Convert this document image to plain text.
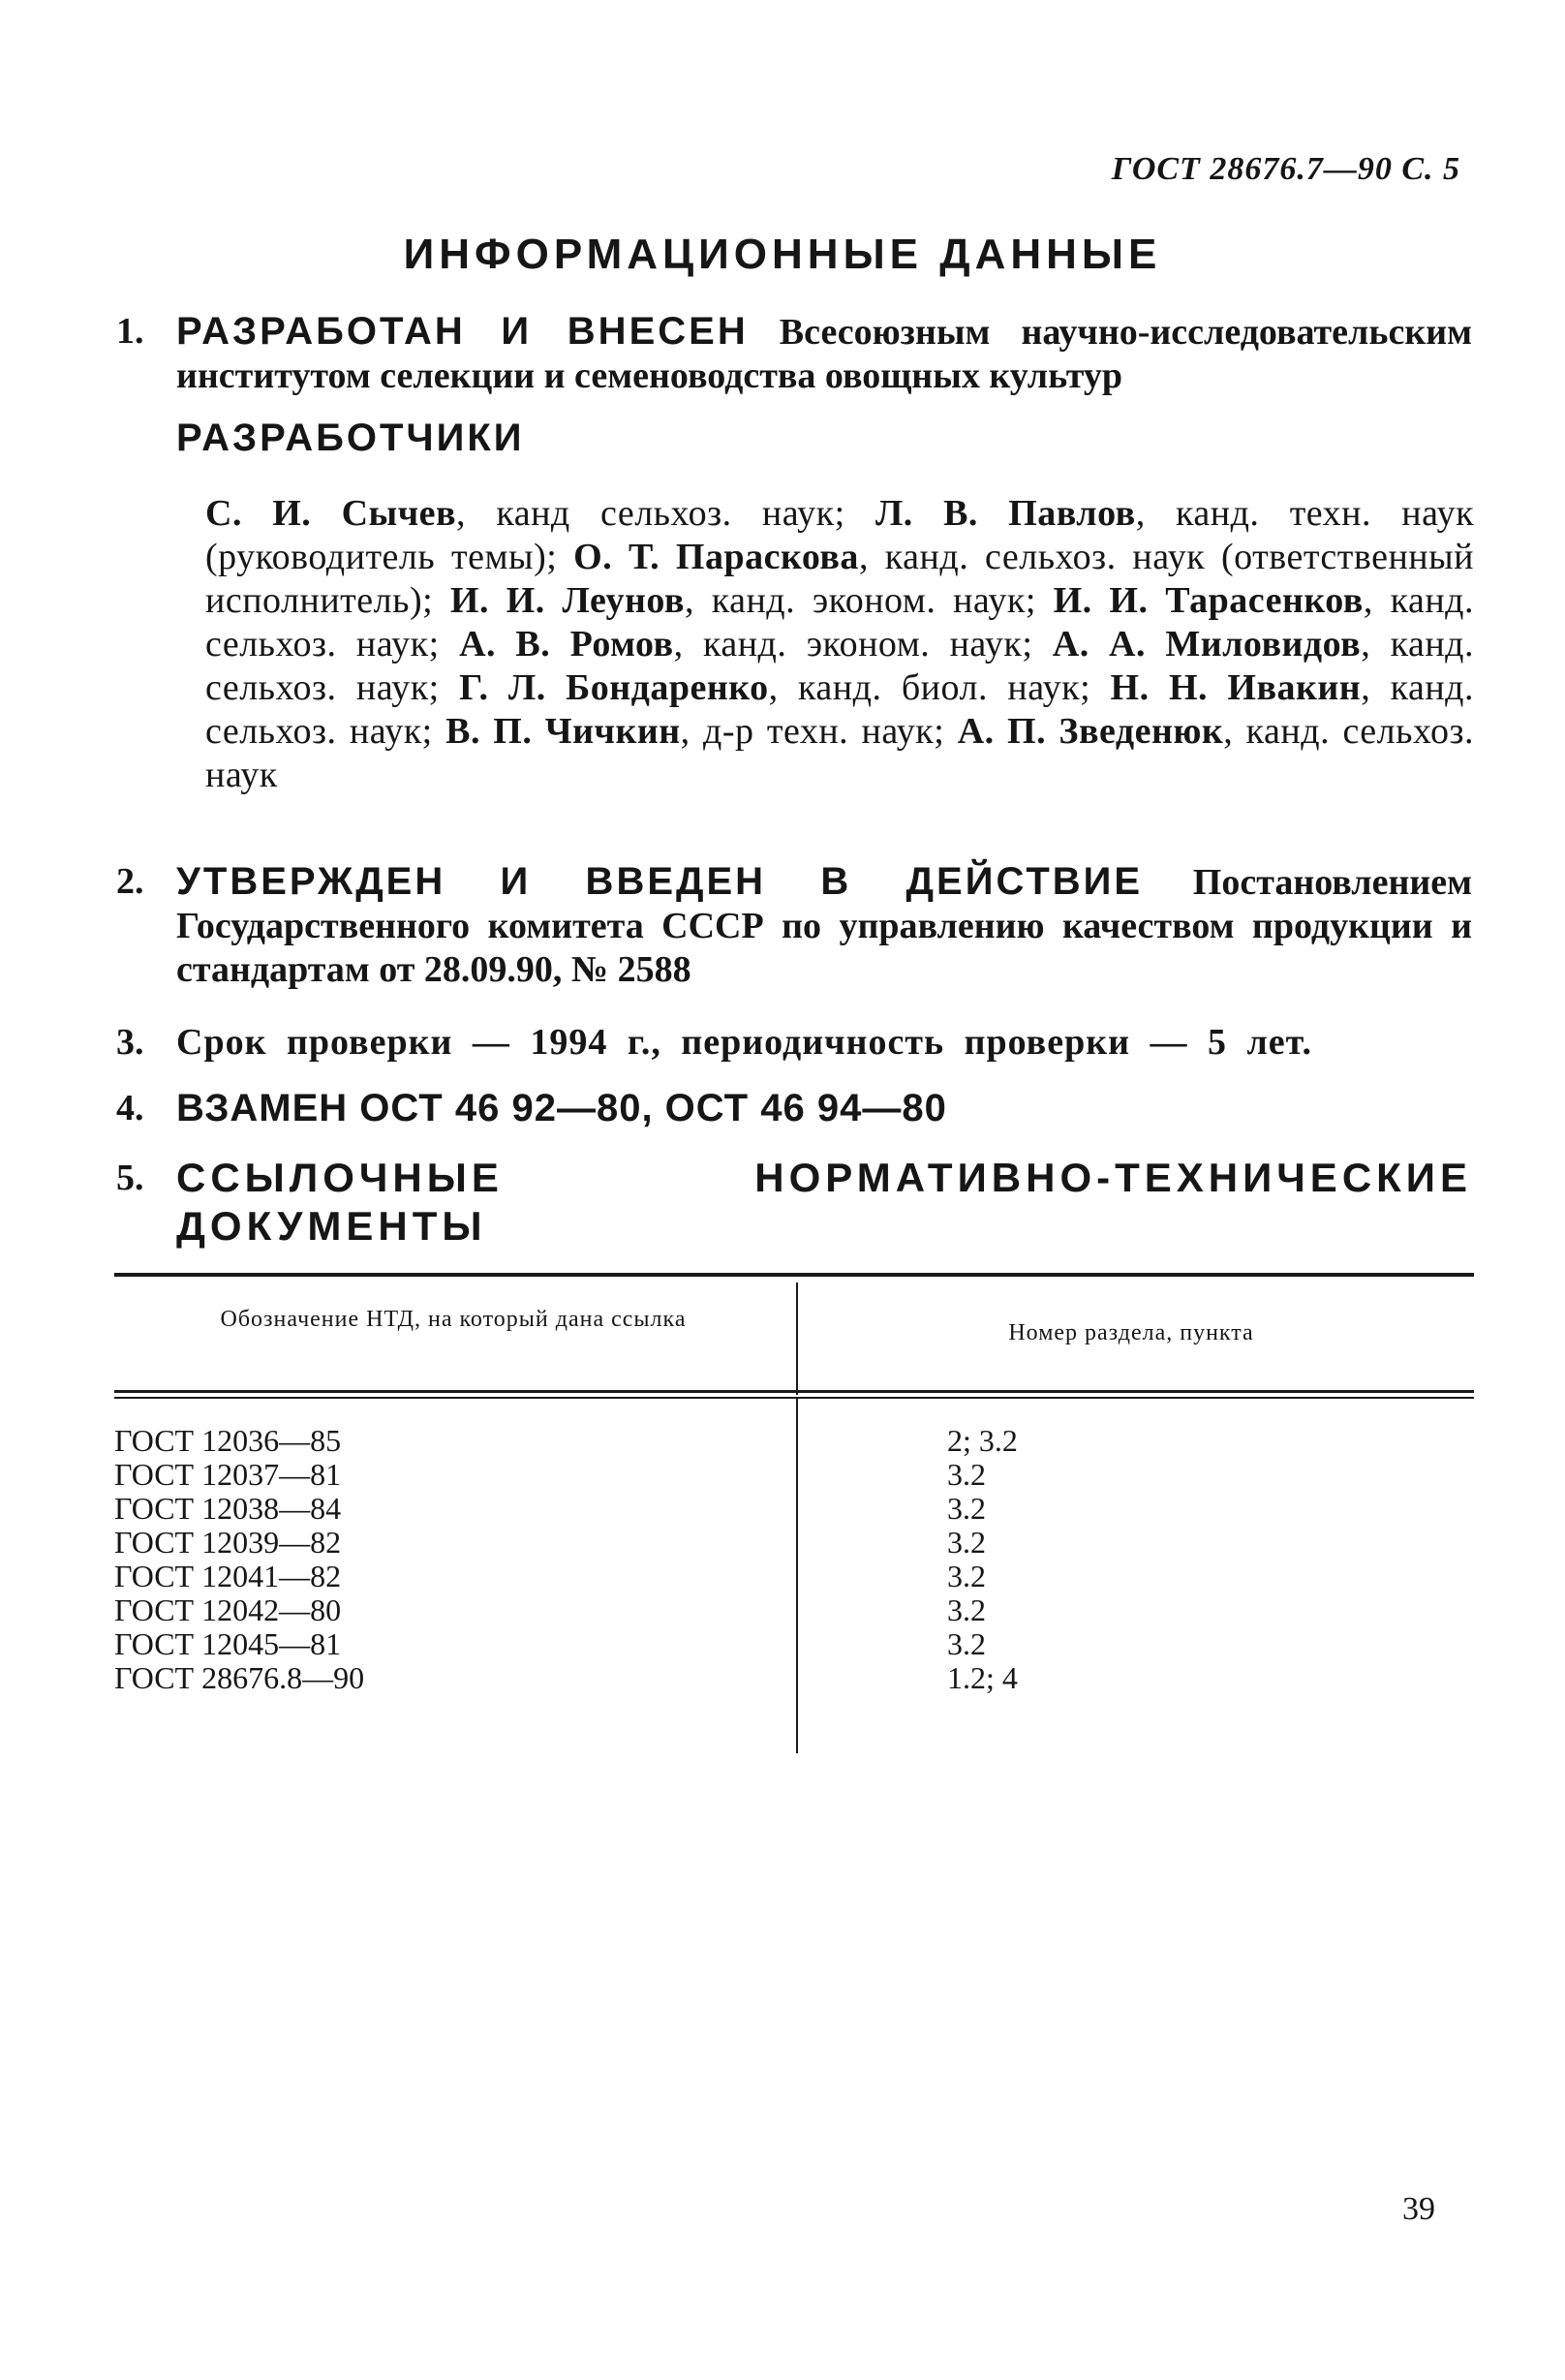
ГОСТ 28676.7—90 С. 5
ИНФОРМАЦИОННЫЕ ДАННЫЕ
1. РАЗРАБОТАН И ВНЕСЕН Всесоюзным научно-исследовательским институтом селекции и семеноводства овощных культур
РАЗРАБОТЧИКИ
С. И. Сычев, канд сельхоз. наук; Л. В. Павлов, канд. техн. наук (руководитель темы); О. Т. Параскова, канд. сельхоз. наук (ответственный исполнитель); И. И. Леунов, канд. эконом. наук; И. И. Тарасенков, канд. сельхоз. наук; А. В. Ромов, канд. эконом. наук; А. А. Миловидов, канд. сельхоз. наук; Г. Л. Бондаренко, канд. биол. наук; Н. Н. Ивакин, канд. сельхоз. наук; В. П. Чичкин, д-р техн. наук; А. П. Зведенюк, канд. сельхоз. наук
2. УТВЕРЖДЕН И ВВЕДЕН В ДЕЙСТВИЕ Постановлением Государственного комитета СССР по управлению качеством продукции и стандартам от 28.09.90, № 2588
3. Срок проверки — 1994 г., периодичность проверки — 5 лет.
4. ВЗАМЕН ОСТ 46 92—80, ОСТ 46 94—80
5. ССЫЛОЧНЫЕ НОРМАТИВНО-ТЕХНИЧЕСКИЕ ДОКУМЕНТЫ
Обозначение НТД, на который дана ссылка
Номер раздела, пункта
ГОСТ 12036—85	2; 3.2
ГОСТ 12037—81	3.2
ГОСТ 12038—84	3.2
ГОСТ 12039—82	3.2
ГОСТ 12041—82	3.2
ГОСТ 12042—80	3.2
ГОСТ 12045—81	3.2
ГОСТ 28676.8—90	1.2; 4
39
